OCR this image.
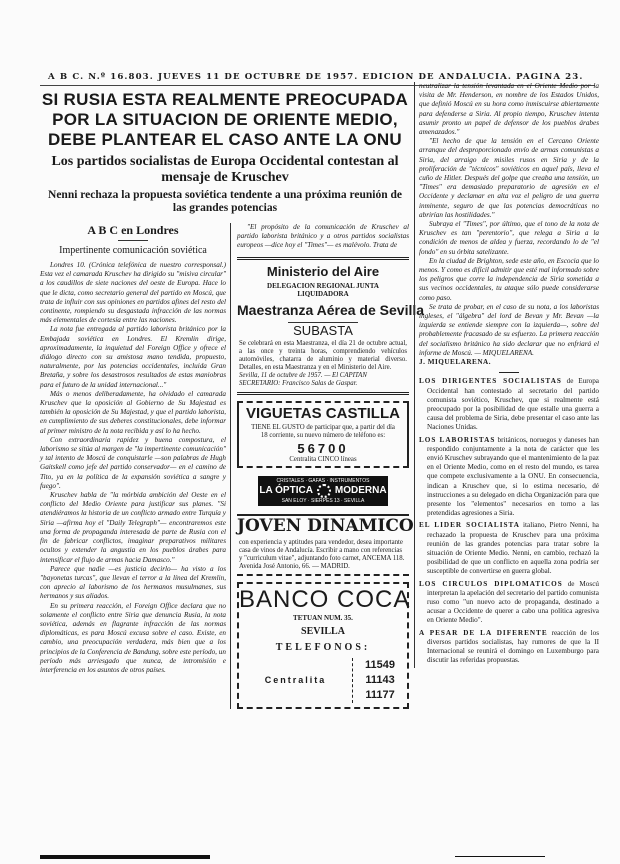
A B C. N.º 16.803. JUEVES 11 DE OCTUBRE DE 1957. EDICION DE ANDALUCIA. PAGINA 23.
SI RUSIA ESTA REALMENTE PREOCUPADA POR LA SITUACION DE ORIENTE MEDIO, DEBE PLANTEAR EL CASO ANTE LA ONU
Los partidos socialistas de Europa Occidental contestan al mensaje de Kruschev
Nenni rechaza la propuesta soviética tendente a una próxima reunión de las grandes potencias
A B C en Londres
Impertinente comunicación soviética

Londres 10. (Crónica telefónica de nuestro corresponsal.) Esta vez el camarada Kruschev ha dirigido su "misiva circular" a los caudillos de siete naciones del oeste de Europa. Hace lo que le dicta, como secretario general del partido en Moscú, que trata de influir con sus opiniones en partidos afines del resto del continente, rompiendo su desgastada infracción de las normas más elementales de cortesía entre las naciones.

La nota fue entregada al partido laborista británico por la Embajada soviética en Londres. El Kremlin dirige, aproximadamente, la inquietud del Foreign Office y ofrece el diálogo directo con su amistosa mano tendida, propuesto, naturalmente, por las potencias occidentales, incluida Gran Bretaña, y sobre los desastrosos resultados de estas maniobras para el futuro de la unidad internacional..."

Más o menos deliberadamente, ha olvidado el camarada Kruschev que la oposición al Gobierno de Su Majestad es también la oposición de Su Majestad, y que el partido laborista, en cumplimiento de sus deberes constitucionales, debe informar al primer ministro de la nota recibida y así lo ha hecho.

Con extraordinaria rapidez y buena compostura, el laborismo se sitúa al margen de "la impertinente comunicación" y tal intento de Moscú de conquistarle —son palabras de Hugh Gaitskell como jefe del partido conservador— en el camino de Tito, ya en la política de la expansión soviética a sangre y fuego".

Kruschev habla de "la mórbida ambición del Oeste en el conflicto del Medio Oriente para justificar sus planes. "Si atendiéramos la historia de un conflicto armado entre Turquía y Siria —afirma hoy el "Daily Telegraph"— encontraremos este una forma de propaganda interesada de parte de Rusia con el fin de fabricar conflictos, imaginar preparativos militares ocultos y extender la angustia en los pueblos árabes para intensificar el flujo de armas hacia Damasco."

Parece que nadie —es justicia decirlo— ha visto a los "bayonetas turcas", que llevan el terror a la línea del Kremlin, con aprecio al laborismo de los hermanos musulmanes, sus hermanos y sus aliados.

En su primera reacción, el Foreign Office declara que no solamente el conflicto entre Siria que denuncia Rusia, la nota soviética, además en flagrante infracción de las normas diplomáticas, es para Moscú excusa sobre el caso. Existe, en cambio, una preocupación verdadera, más bien que a los principios de la Conferencia de Bandung, sobre este período, un período más arriesgado que nunca, de intromisión e interferencia en los asuntos de otros países.

"El propósito de la comunicación de Kruschev al partido laborista británico y a otros partidos socialistas europeos —dice hoy el "Times"— es malévolo. Trata de

Ministerio del Aire
DELEGACION REGIONAL JUNTA LIQUIDADORA
Maestranza Aérea de Sevilla
SUBASTA
Se celebrará en esta Maestranza, el día 21 de octubre actual, a las once y treinta horas, comprendiendo vehículos automóviles, chatarra de aluminio y material diverso. Detalles, en esta Maestranza y en el Ministerio del Aire.
Sevilla, 11 de octubre de 1957. — El CAPITAN SECRETARIO: Francisco Salas de Gaspar.
VIGUETAS CASTILLA
TIENE EL GUSTO de participar que, a partir del día 18 corriente, su nuevo número de teléfono es:
56700
Centralita CINCO líneas
CRISTALES · GAFAS · INSTRUMENTOS
LA ÓPTICA MODERNA
SAN ELOY · SIERPES 13 · SEVILLA
JOVEN DINAMICO
con experiencia y aptitudes para vendedor, desea importante casa de vinos de Andalucía. Escribir a mano con referencias y "curriculum vitae", adjuntando foto carnet, ANCEMA 118. Avenida José Antonio, 66. — MADRID.
BANCO COCA
TETUAN NUM. 35.
SEVILLA
TELEFONOS:
Centralita
11549
11143
11177

neutralizar la tensión levantada en el Oriente Medio por la visita de Mr. Henderson, en nombre de los Estados Unidos, que definió Moscú en su hora como inmiscuirse abiertamente para defenderse a Siria. Al propio tiempo, Kruschev intenta asumir pronto un papel de defensor de los pueblos árabes amenazados."

"El hecho de que la tensión en el Cercano Oriente arranque del desproporcionado envío de armas comunistas a Siria, del arraigo de misiles rusos en Siria y de la proliferación de "técnicos" soviéticos en aquel país, lleva el cuño de Hitler. Después del golpe que creaba una tensión, un "Times" era demasiado preparatorio de agresión en el Occidente y declamar en alta voz el peligro de una guerra inminente, seguro de que las potencias democráticas no abrirían las hostilidades."

Subraya el "Times", por último, que el tono de la nota de Kruschev es tan "perentorio", que relega a Siria a la condición de menos de aldea y fuerza, recordando lo de "el fondo" en su órbita satelizante.

En la ciudad de Brighton, sede este año, en Escocia que lo menos. Y como es difícil admitir que esté mal informado sobre los peligros que corre la independencia de Siria sometida a sus vecinos occidentales, tu ataque sólo puede considerarse como paso.

Se trata de probar, en el caso de su nota, a los laboristas ingleses, el "álgebra" del lord de Bevan y Mr. Bevan —la izquierda se entiende siempre con la izquierda—, sobre del probablemente fracasado de su esfuerzo. La primera reacción del socialismo británico ha sido declarar que no enfriará el informe de Moscú. — MIQUELARENA.

J. MIQUELARENA.

LOS DIRIGENTES SOCIALISTAS de Europa Occidental han contestado al secretario del partido comunista soviético, Kruschev, que si realmente está preocupado por la posibilidad de que estalle una guerra a causa del problema de Siria, debe presentar el caso ante las Naciones Unidas.

LOS LABORISTAS británicos, noruegos y daneses han respondido conjuntamente a la nota de carácter que les envió Kruschev subrayando que el mantenimiento de la paz en el Oriente Medio, como en el resto del mundo, es tarea que compete exclusivamente a la ONU. En consecuencia, indican a Kruschev que, si lo estima necesario, dé instrucciones a su delegado en dicha Organización para que presente los "elementos" necesarios en torno a las pretendidas agresiones a Siria.

EL LIDER SOCIALISTA italiano, Pietro Nenni, ha rechazado la propuesta de Kruschev para una próxima reunión de las grandes potencias para tratar sobre la situación de Oriente Medio. Nenni, en cambio, rechazó la posibilidad de que un conflicto en aquella zona podría ser susceptible de convertirse en guerra global.

LOS CIRCULOS DIPLOMATICOS de Moscú interpretan la apelación del secretario del partido comunista ruso como "un nuevo acto de propaganda, destinado a acusar a Occidente de querer a cabo una política agresiva en Oriente Medio".

A PESAR DE LA DIFERENTE reacción de los diversos partidos socialistas, hay rumores de que la II Internacional se reunirá el domingo en Luxemburgo para discutir las referidas propuestas.
